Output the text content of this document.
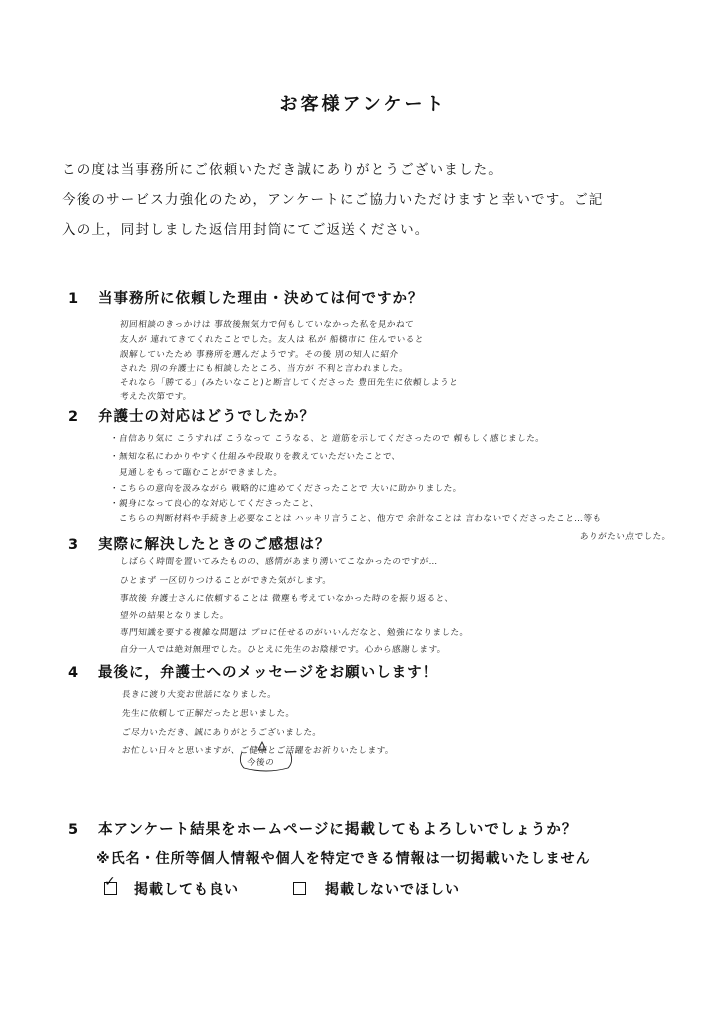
お客様アンケート
この度は当事務所にご依頼いただき誠にありがとうございました。
今後のサービス力強化のため，アンケートにご協力いただけますと幸いです。ご記
入の上，同封しました返信用封筒にてご返送ください。
1 当事務所に依頼した理由・決めては何ですか？
初回相談のきっかけは 事故後無気力で何もしていなかった私を見かねて
友人が 連れてきてくれたことでした。友人は 私が 船橋市に 住んでいると
誤解していたため 事務所を選んだようです。その後 別の知人に紹介
された 別の弁護士にも相談したところ、当方が 不利と言われました。
それなら「勝てる」(みたいなこと)と断言してくださった 豊田先生に依頼しようと
考えた次第です。
2 弁護士の対応はどうでしたか？
・自信あり気に こうすれば こうなって こうなる、と 道筋を示してくださったので 頼もしく感じました。
・無知な私にわかりやすく仕組みや段取りを教えていただいたことで、
　見通しをもって臨むことができました。
・こちらの意向を汲みながら 戦略的に進めてくださったことで 大いに助かりました。
・親身になって良心的な対応してくださったこと、
　こちらの判断材料や手続き上必要なことは ハッキリ言うこと、他方で 余計なことは 言わないでくださったこと…等も
ありがたい点でした。
3 実際に解決したときのご感想は？
しばらく時間を置いてみたものの、感情があまり湧いてこなかったのですが…
ひとまず 一区切りつけることができた気がします。
事故後 弁護士さんに依頼することは 微塵も考えていなかった時のを振り返ると、
望外の結果となりました。
専門知識を要する複雑な問題は プロに任せるのがいいんだなと、勉強になりました。
自分一人では絶対無理でした。ひとえに先生のお陰様です。心から感謝します。
4 最後に，弁護士へのメッセージをお願いします！
長きに渡り大変お世話になりました。
先生に依頼して正解だったと思いました。
ご尽力いただき、誠にありがとうございました。
お忙しい日々と思いますが、ご健康とご活躍をお祈りいたします。
今後の
5 本アンケート結果をホームページに掲載してもよろしいでしょうか？
※氏名・住所等個人情報や個人を特定できる情報は一切掲載いたしません
✓ 掲載しても良い	掲載しないでほしい
